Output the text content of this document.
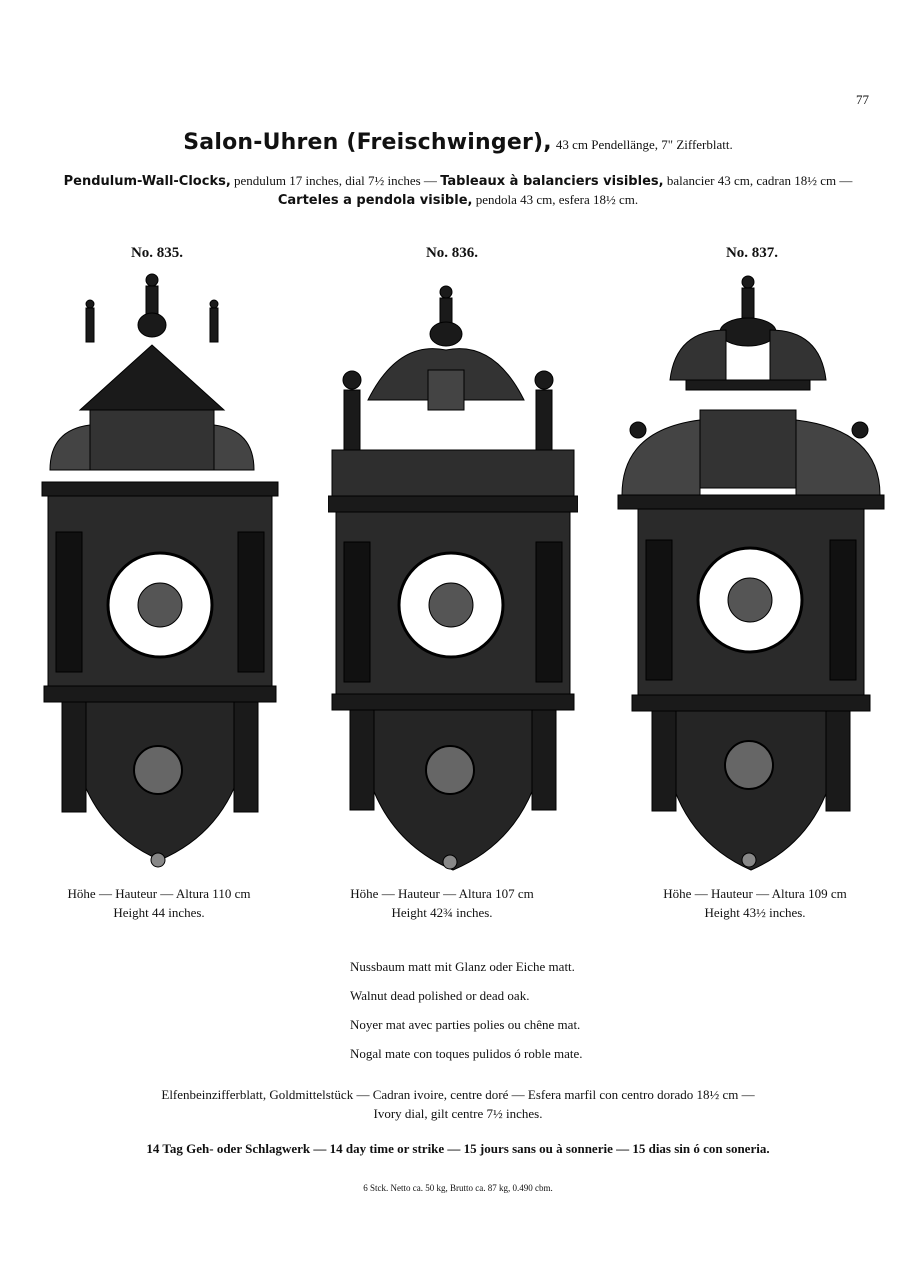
77
Salon-Uhren (Freischwinger), 43 cm Pendellänge, 7" Zifferblatt.
Pendulum-Wall-Clocks, pendulum 17 inches, dial 7½ inches — Tableaux à balanciers visibles, balancier 43 cm, cadran 18½ cm —
Carteles a pendola visible, pendola 43 cm, esfera 18½ cm.
No. 835.	No. 836.	No. 837.
Höhe — Hauteur — Altura 110 cm
Height 44 inches.
Höhe — Hauteur — Altura 107 cm
Height 42¾ inches.
Höhe — Hauteur — Altura 109 cm
Height 43½ inches.
Nussbaum matt mit Glanz oder Eiche matt.
Walnut dead polished or dead oak.
Noyer mat avec parties polies ou chêne mat.
Nogal mate con toques pulidos ó roble mate.
Elfenbeinzifferblatt, Goldmittelstück — Cadran ivoire, centre doré — Esfera marfil con centro dorado 18½ cm —
Ivory dial, gilt centre 7½ inches.
14 Tag Geh- oder Schlagwerk — 14 day time or strike — 15 jours sans ou à sonnerie — 15 dias sin ó con soneria.
6 Stck. Netto ca. 50 kg, Brutto ca. 87 kg, 0.490 cbm.
